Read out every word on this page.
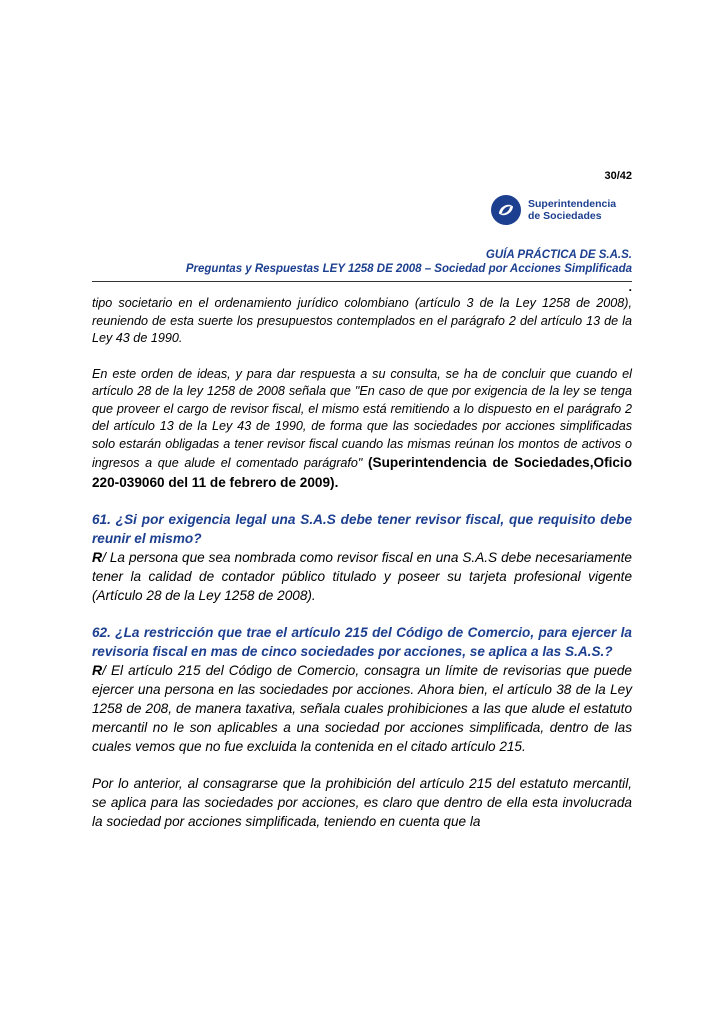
30/42
Superintendencia
de Sociedades
GUÍA PRÁCTICA DE S.A.S.
Preguntas y Respuestas LEY 1258 DE 2008 – Sociedad por Acciones Simplificada
.

tipo societario en el ordenamiento jurídico colombiano (artículo 3 de la Ley 1258 de 2008), reuniendo de esta suerte los presupuestos contemplados en el parágrafo 2 del artículo 13 de la Ley 43 de 1990.

En este orden de ideas, y para dar respuesta a su consulta, se ha de concluir que cuando el artículo 28 de la ley 1258 de 2008 señala que "En caso de que por exigencia de la ley se tenga que proveer el cargo de revisor fiscal, el mismo está remitiendo a lo dispuesto en el parágrafo 2 del artículo 13 de la Ley 43 de 1990, de forma que las sociedades por acciones simplificadas solo estarán obligadas a tener revisor fiscal cuando las mismas reúnan los montos de activos o ingresos a que alude el comentado parágrafo" (Superintendencia de Sociedades,Oficio 220-039060 del 11 de febrero de 2009).

61. ¿Si por exigencia legal una S.A.S debe tener revisor fiscal, que requisito debe reunir el mismo?

R/ La persona que sea nombrada como revisor fiscal en una S.A.S debe necesariamente tener la calidad de contador público titulado y poseer su tarjeta profesional vigente (Artículo 28 de la Ley 1258 de 2008).

62. ¿La restricción que trae el artículo 215 del Código de Comercio, para ejercer la revisoria fiscal en mas de cinco sociedades por acciones, se aplica a las S.A.S.?

R/ El artículo 215 del Código de Comercio, consagra un límite de revisorias que puede ejercer una persona en las sociedades por acciones. Ahora bien, el artículo 38 de la Ley 1258 de 208, de manera taxativa, señala cuales prohibiciones a las que alude el estatuto mercantil no le son aplicables a una sociedad por acciones simplificada, dentro de las cuales vemos que no fue excluida la contenida en el citado artículo 215.

Por lo anterior, al consagrarse que la prohibición del artículo 215 del estatuto mercantil, se aplica para las sociedades por acciones, es claro que dentro de ella esta involucrada la sociedad por acciones simplificada, teniendo en cuenta que la
